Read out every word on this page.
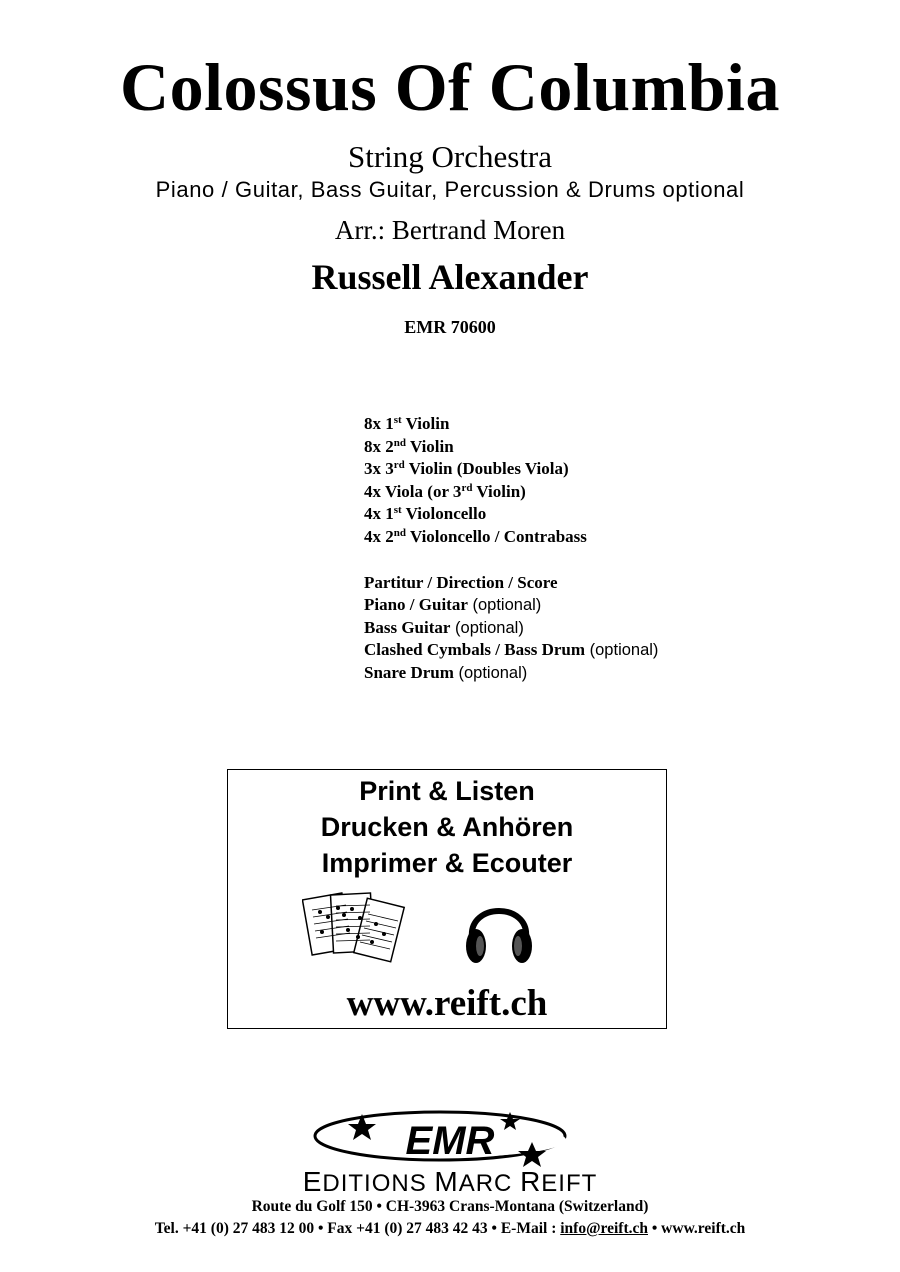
Colossus Of Columbia
String Orchestra
Piano / Guitar, Bass Guitar, Percussion & Drums optional
Arr.: Bertrand Moren
Russell Alexander
EMR 70600
8x 1st Violin
8x 2nd Violin
3x 3rd Violin (Doubles Viola)
4x Viola (or 3rd Violin)
4x 1st Violoncello
4x 2nd Violoncello / Contrabass
Partitur / Direction / Score
Piano / Guitar (optional)
Bass Guitar (optional)
Clashed Cymbals / Bass Drum (optional)
Snare Drum (optional)
Print & Listen
Drucken & Anhören
Imprimer & Ecouter
www.reift.ch
EMR
EDITIONS MARC REIFT
Route du Golf 150 • CH-3963 Crans-Montana (Switzerland)
Tel. +41 (0) 27 483 12 00 • Fax +41 (0) 27 483 42 43 • E-Mail : info@reift.ch • www.reift.ch
